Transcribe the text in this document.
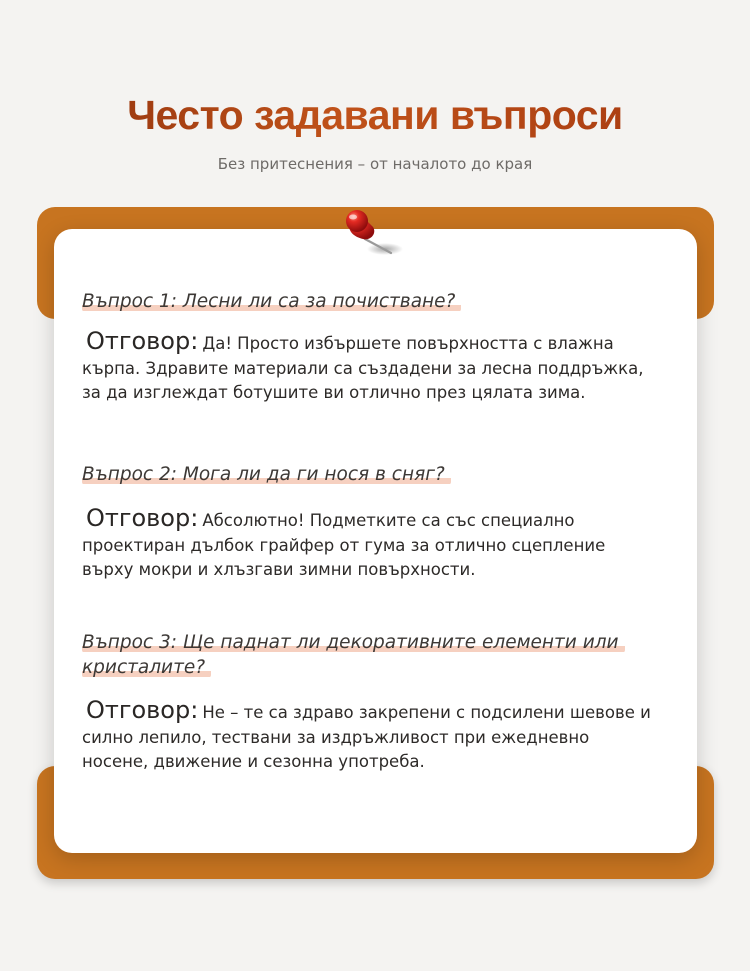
Често задавани въпроси

Без притеснения – от началото до края

Въпрос 1: Лесни ли са за почистване?

Отговор: Да! Просто избършете повърхността с влажна кърпа. Здравите материали са създадени за лесна поддръжка, за да изглеждат ботушите ви отлично през цялата зима.

Въпрос 2: Мога ли да ги нося в сняг?

Отговор: Абсолютно! Подметките са със специално проектиран дълбок грайфер от гума за отлично сцепление върху мокри и хлъзгави зимни повърхности.

Въпрос 3: Ще паднат ли декоративните елементи или кристалите?

Отговор: Не – те са здраво закрепени с подсилени шевове и силно лепило, тествани за издръжливост при ежедневно носене, движение и сезонна употреба.
